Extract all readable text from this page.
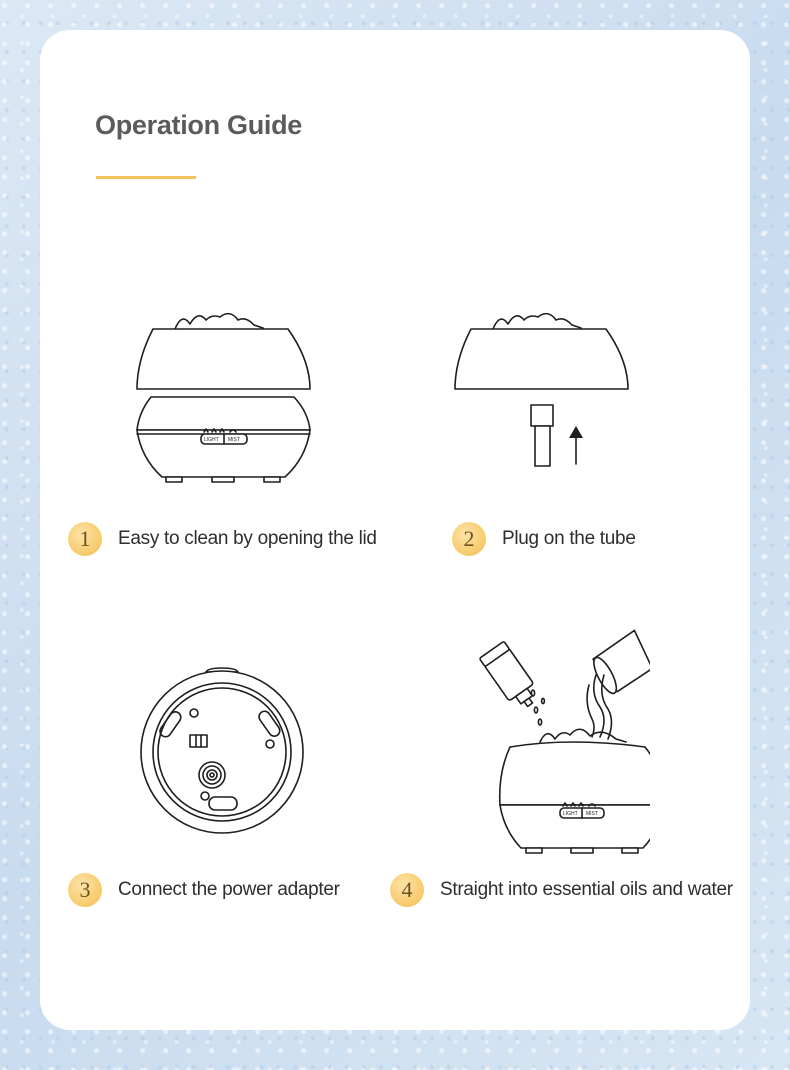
Operation Guide
LIGHT MIST
1	Easy to clean by opening the lid	2	Plug on the tube
LIGHT MIST
3	Connect the power adapter	4	Straight into essential oils and water
